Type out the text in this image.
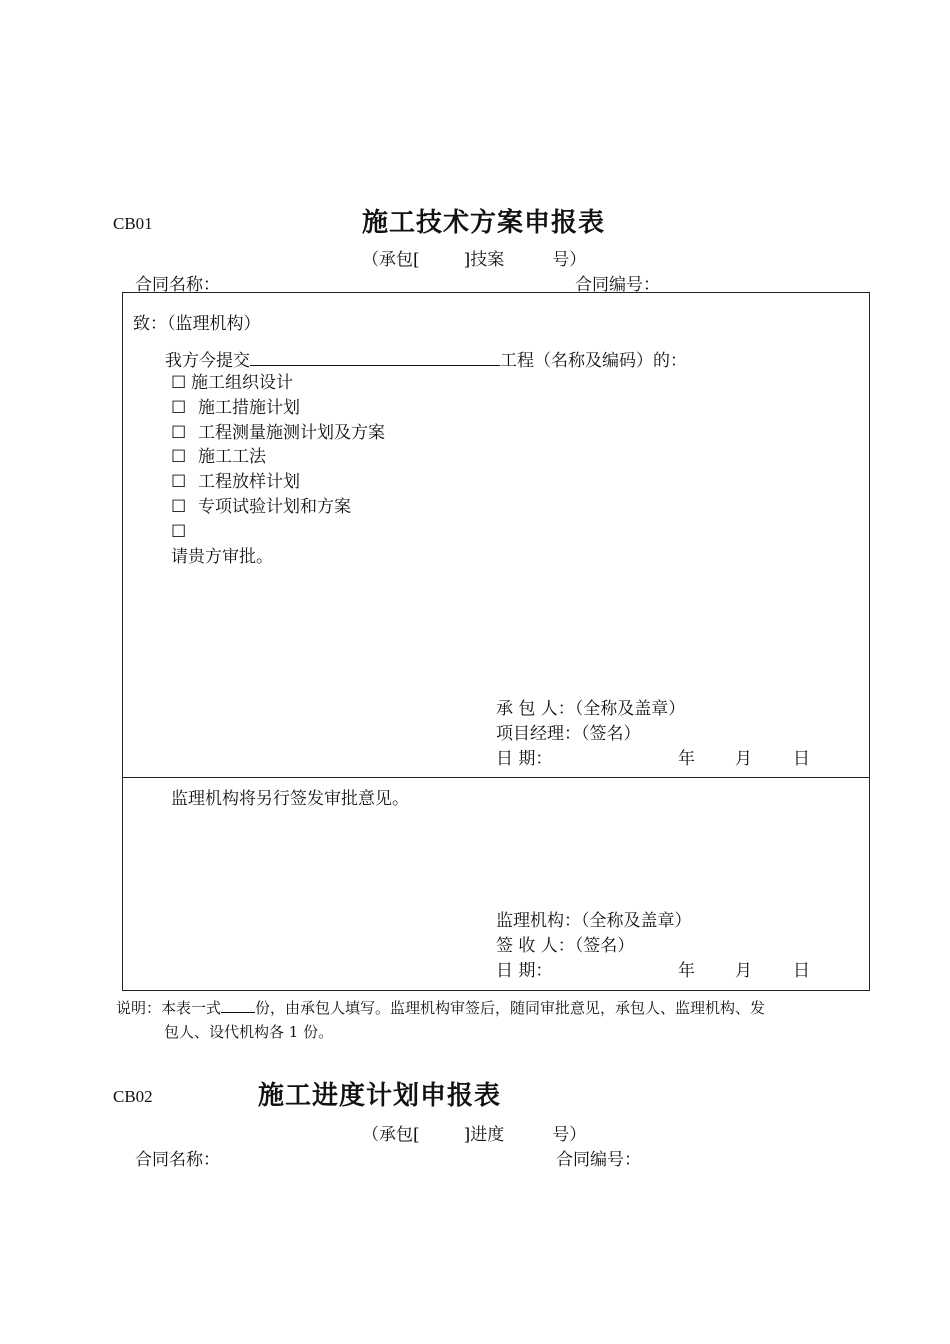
CB01	施工技术方案申报表
（承包[	]技案	号）
合同名称：	合同编号：
致：（监理机构）
我方今提交	工程（名称及编码）的：
☐ 施工组织设计
☐ 施工措施计划
☐ 工程测量施测计划及方案
☐ 施工工法
☐ 工程放样计划
☐ 专项试验计划和方案
☐
请贵方审批。
承 包 人：（全称及盖章）
项目经理：（签名）
日 期：	年 月 日
监理机构将另行签发审批意见。
监理机构：（全称及盖章）
签 收 人：（签名）
日 期：	年 月 日
说明：本表一式 份，由承包人填写。监理机构审签后，随同审批意见，承包人、监理机构、发
包人、设代机构各 1 份。
CB02	施工进度计划申报表
（承包[	]进度	号）
合同名称：	合同编号：
